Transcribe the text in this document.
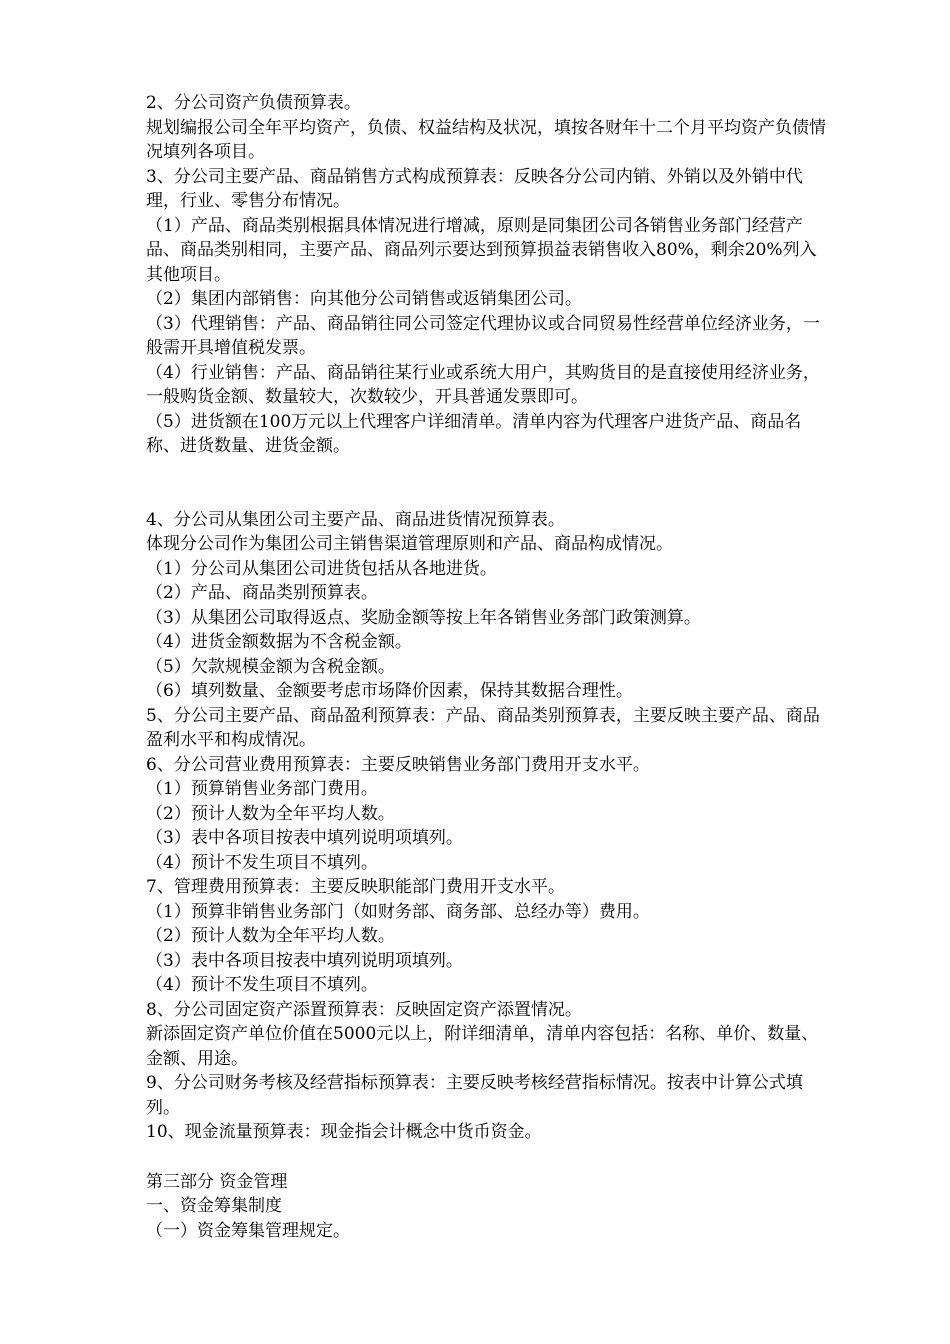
2、分公司资产负债预算表。

规划编报公司全年平均资产，负债、权益结构及状况，填按各财年十二个月平均资产负债情况填列各项目。

3、分公司主要产品、商品销售方式构成预算表：反映各分公司内销、外销以及外销中代理，行业、零售分布情况。

（1）产品、商品类别根据具体情况进行增减，原则是同集团公司各销售业务部门经营产品、商品类别相同，主要产品、商品列示要达到预算损益表销售收入80%，剩余20%列入其他项目。

（2）集团内部销售：向其他分公司销售或返销集团公司。

（3）代理销售：产品、商品销往同公司签定代理协议或合同贸易性经营单位经济业务，一般需开具增值税发票。

（4）行业销售：产品、商品销往某行业或系统大用户，其购货目的是直接使用经济业务，一般购货金额、数量较大，次数较少，开具普通发票即可。

（5）进货额在100万元以上代理客户详细清单。清单内容为代理客户进货产品、商品名称、进货数量、进货金额。

4、分公司从集团公司主要产品、商品进货情况预算表。

体现分公司作为集团公司主销售渠道管理原则和产品、商品构成情况。

（1）分公司从集团公司进货包括从各地进货。

（2）产品、商品类别预算表。

（3）从集团公司取得返点、奖励金额等按上年各销售业务部门政策测算。

（4）进货金额数据为不含税金额。

（5）欠款规模金额为含税金额。

（6）填列数量、金额要考虑市场降价因素，保持其数据合理性。

5、分公司主要产品、商品盈利预算表：产品、商品类别预算表，主要反映主要产品、商品盈利水平和构成情况。

6、分公司营业费用预算表：主要反映销售业务部门费用开支水平。

（1）预算销售业务部门费用。

（2）预计人数为全年平均人数。

（3）表中各项目按表中填列说明项填列。

（4）预计不发生项目不填列。

7、管理费用预算表：主要反映职能部门费用开支水平。

（1）预算非销售业务部门（如财务部、商务部、总经办等）费用。

（2）预计人数为全年平均人数。

（3）表中各项目按表中填列说明项填列。

（4）预计不发生项目不填列。

8、分公司固定资产添置预算表：反映固定资产添置情况。

新添固定资产单位价值在5000元以上，附详细清单，清单内容包括：名称、单价、数量、金额、用途。

9、分公司财务考核及经营指标预算表：主要反映考核经营指标情况。按表中计算公式填列。

10、现金流量预算表：现金指会计概念中货币资金。

第三部分 资金管理

一、资金筹集制度

（一）资金筹集管理规定。
